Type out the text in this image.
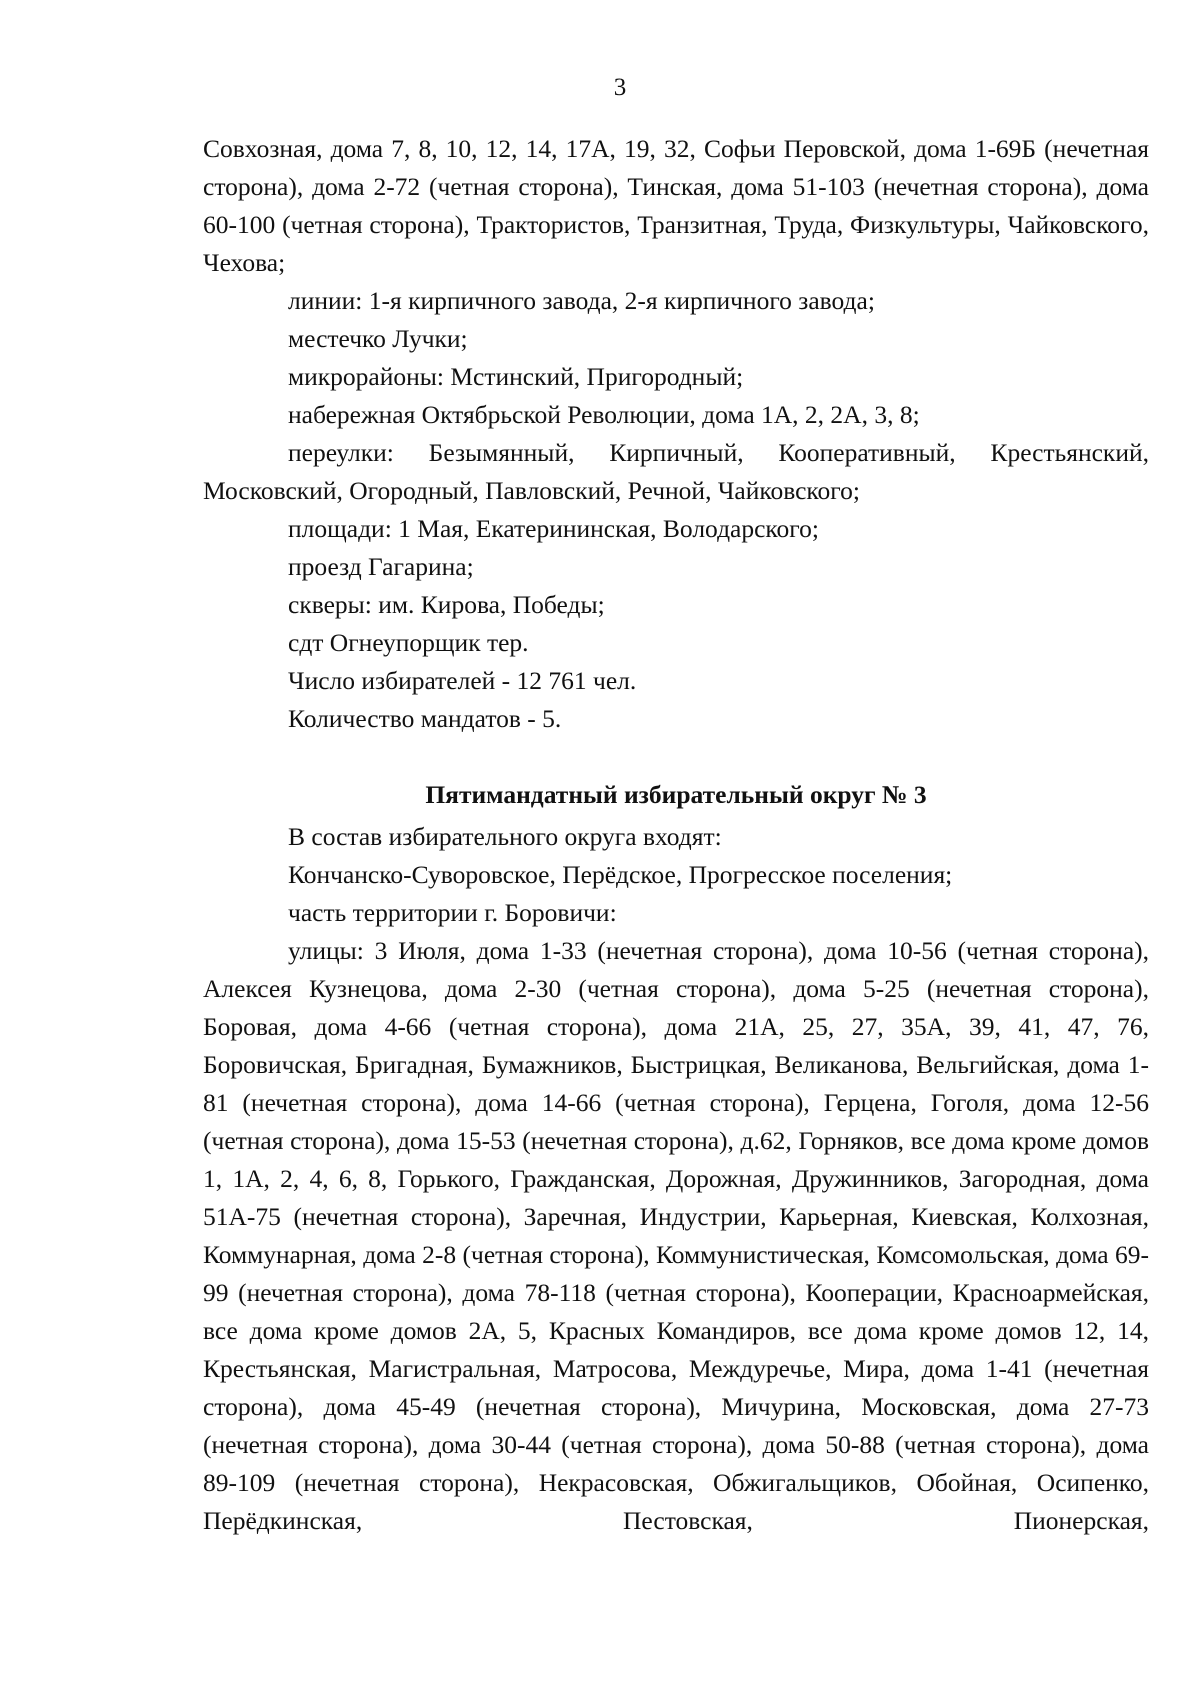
3

Совхозная, дома 7, 8, 10, 12, 14, 17А, 19, 32, Софьи Перовской, дома 1-69Б (нечетная сторона), дома 2-72 (четная сторона), Тинская, дома 51-103 (нечетная сторона), дома 60-100 (четная сторона), Трактористов, Транзитная, Труда, Физкультуры, Чайковского, Чехова;

линии: 1-я кирпичного завода, 2-я кирпичного завода;

местечко Лучки;

микрорайоны: Мстинский, Пригородный;

набережная Октябрьской Революции, дома 1А, 2, 2А, 3, 8;

переулки: Безымянный, Кирпичный, Кооперативный, Крестьянский, Московский, Огородный, Павловский, Речной, Чайковского;

площади: 1 Мая, Екатерининская, Володарского;

проезд Гагарина;

скверы: им. Кирова, Победы;

сдт Огнеупорщик тер.

Число избирателей - 12 761 чел.

Количество мандатов - 5.

Пятимандатный избирательный округ № 3

В состав избирательного округа входят:

Кончанско-Суворовское, Перёдское, Прогресское поселения;

часть территории г. Боровичи:

улицы: 3 Июля, дома 1-33 (нечетная сторона), дома 10-56 (четная сторона), Алексея Кузнецова, дома 2-30 (четная сторона), дома 5-25 (нечетная сторона), Боровая, дома 4-66 (четная сторона), дома 21А, 25, 27, 35А, 39, 41, 47, 76, Боровичская, Бригадная, Бумажников, Быстрицкая, Великанова, Вельгийская, дома 1-81 (нечетная сторона), дома 14-66 (четная сторона), Герцена, Гоголя, дома 12-56 (четная сторона), дома 15-53 (нечетная сторона), д.62, Горняков, все дома кроме домов 1, 1А, 2, 4, 6, 8, Горького, Гражданская, Дорожная, Дружинников, Загородная, дома 51А-75 (нечетная сторона), Заречная, Индустрии, Карьерная, Киевская, Колхозная, Коммунарная, дома 2-8 (четная сторона), Коммунистическая, Комсомольская, дома 69-99 (нечетная сторона), дома 78-118 (четная сторона), Кооперации, Красноармейская, все дома кроме домов 2А, 5, Красных Командиров, все дома кроме домов 12, 14, Крестьянская, Магистральная, Матросова, Междуречье, Мира, дома 1-41 (нечетная сторона), дома 45-49 (нечетная сторона), Мичурина, Московская, дома 27-73 (нечетная сторона), дома 30-44 (четная сторона), дома 50-88 (четная сторона), дома 89-109 (нечетная сторона), Некрасовская, Обжигальщиков, Обойная, Осипенко, Перёдкинская, Пестовская, Пионерская,
